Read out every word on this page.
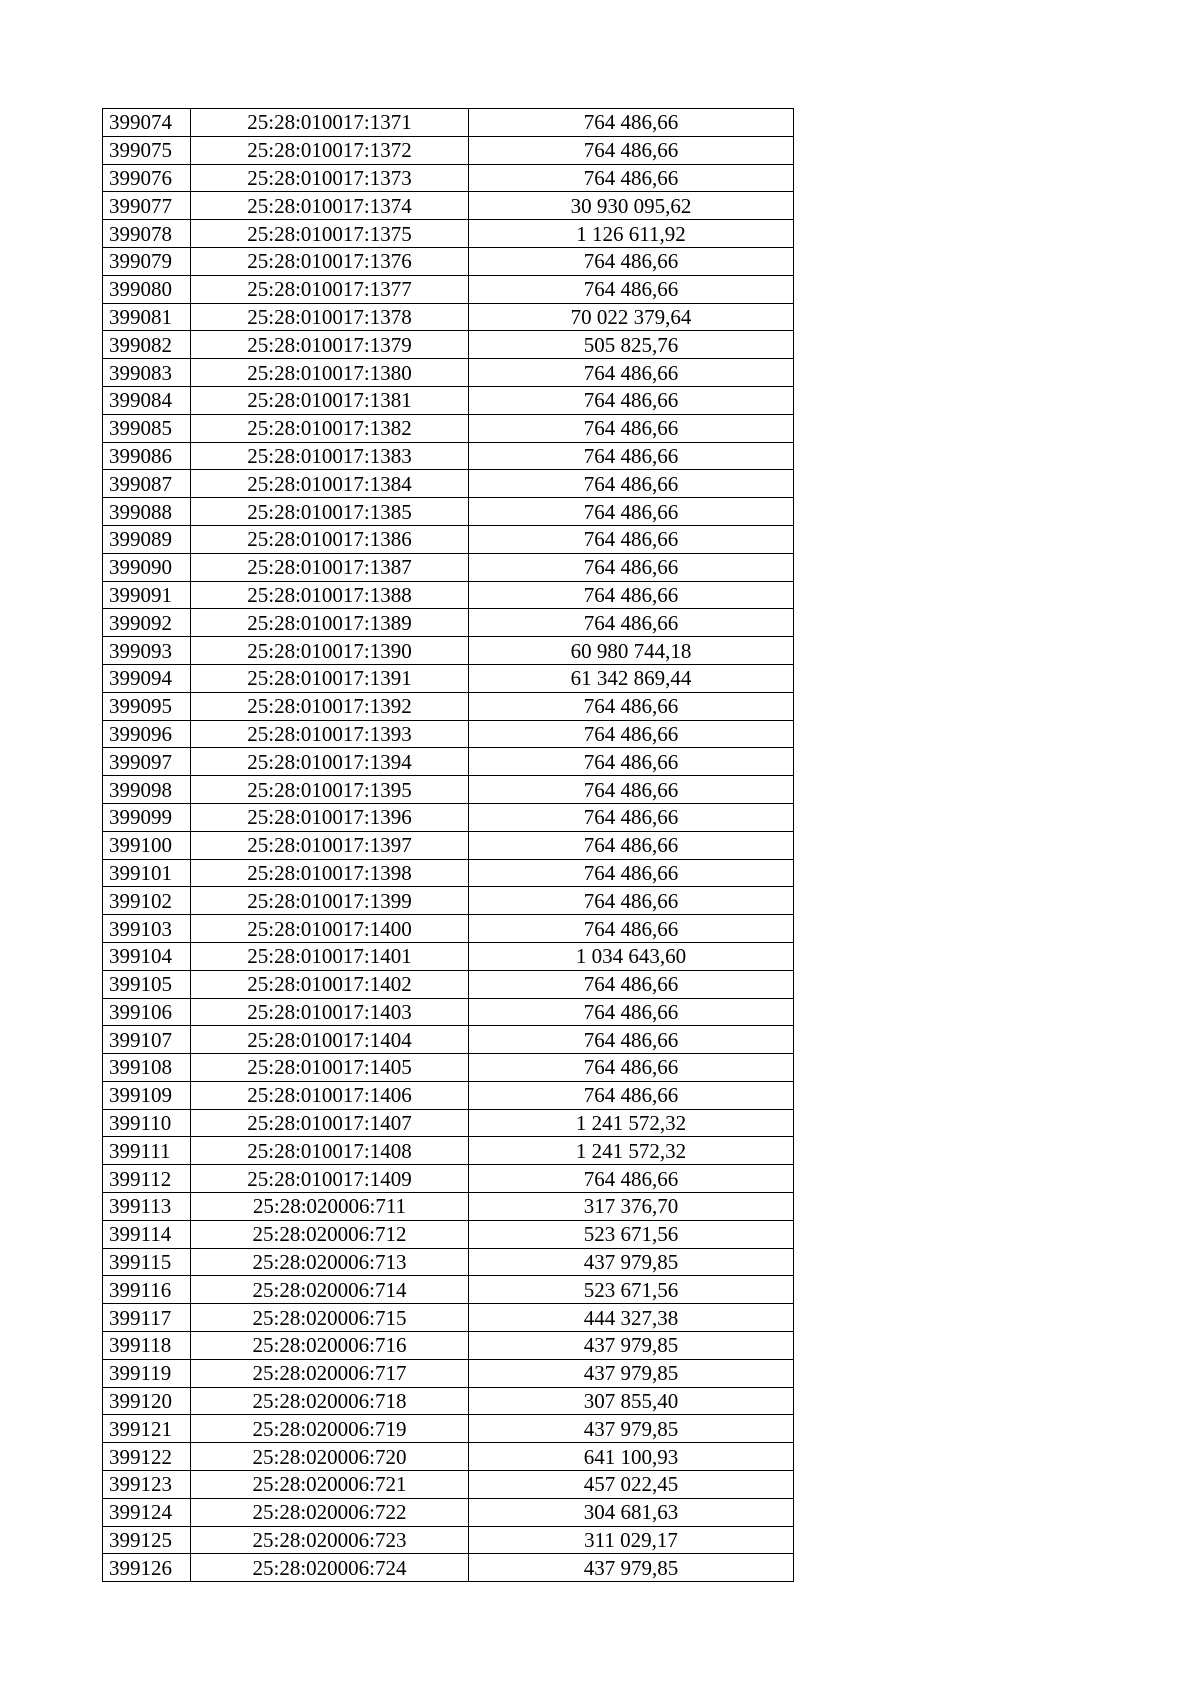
399074	25:28:010017:1371	764 486,66
399075	25:28:010017:1372	764 486,66
399076	25:28:010017:1373	764 486,66
399077	25:28:010017:1374	30 930 095,62
399078	25:28:010017:1375	1 126 611,92
399079	25:28:010017:1376	764 486,66
399080	25:28:010017:1377	764 486,66
399081	25:28:010017:1378	70 022 379,64
399082	25:28:010017:1379	505 825,76
399083	25:28:010017:1380	764 486,66
399084	25:28:010017:1381	764 486,66
399085	25:28:010017:1382	764 486,66
399086	25:28:010017:1383	764 486,66
399087	25:28:010017:1384	764 486,66
399088	25:28:010017:1385	764 486,66
399089	25:28:010017:1386	764 486,66
399090	25:28:010017:1387	764 486,66
399091	25:28:010017:1388	764 486,66
399092	25:28:010017:1389	764 486,66
399093	25:28:010017:1390	60 980 744,18
399094	25:28:010017:1391	61 342 869,44
399095	25:28:010017:1392	764 486,66
399096	25:28:010017:1393	764 486,66
399097	25:28:010017:1394	764 486,66
399098	25:28:010017:1395	764 486,66
399099	25:28:010017:1396	764 486,66
399100	25:28:010017:1397	764 486,66
399101	25:28:010017:1398	764 486,66
399102	25:28:010017:1399	764 486,66
399103	25:28:010017:1400	764 486,66
399104	25:28:010017:1401	1 034 643,60
399105	25:28:010017:1402	764 486,66
399106	25:28:010017:1403	764 486,66
399107	25:28:010017:1404	764 486,66
399108	25:28:010017:1405	764 486,66
399109	25:28:010017:1406	764 486,66
399110	25:28:010017:1407	1 241 572,32
399111	25:28:010017:1408	1 241 572,32
399112	25:28:010017:1409	764 486,66
399113	25:28:020006:711	317 376,70
399114	25:28:020006:712	523 671,56
399115	25:28:020006:713	437 979,85
399116	25:28:020006:714	523 671,56
399117	25:28:020006:715	444 327,38
399118	25:28:020006:716	437 979,85
399119	25:28:020006:717	437 979,85
399120	25:28:020006:718	307 855,40
399121	25:28:020006:719	437 979,85
399122	25:28:020006:720	641 100,93
399123	25:28:020006:721	457 022,45
399124	25:28:020006:722	304 681,63
399125	25:28:020006:723	311 029,17
399126	25:28:020006:724	437 979,85
